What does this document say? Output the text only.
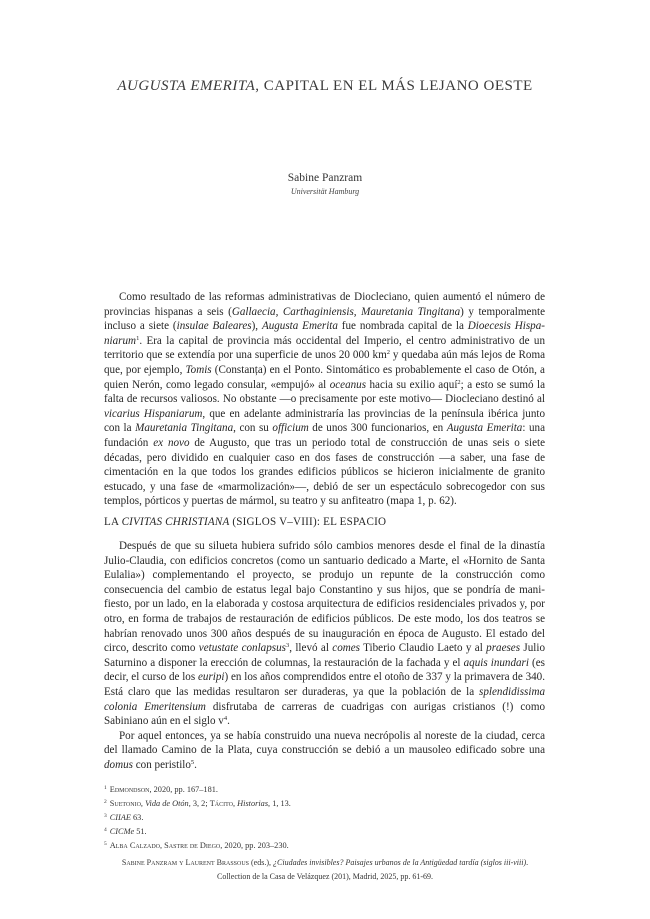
AUGUSTA EMERITA, CAPITAL EN EL MÁS LEJANO OESTE
Sabine Panzram
Universität Hamburg

Como resultado de las reformas administrativas de Diocleciano, quien aumentó el número de provincias hispanas a seis (Gallaecia, Carthaginiensis, Mauretania Tingitana) y temporalmente incluso a siete (insulae Baleares), Augusta Emerita fue nombrada capital de la Dioecesis Hispaniarum$^1$. Era la capital de provincia más occidental del Imperio, el centro administrativo de un territorio que se extendía por una superficie de unos 20 000 $km^2$ y quedaba aún más lejos de Roma que, por ejemplo, Tomis (Constanța) en el Ponto. Sintomático es probablemente el caso de Otón, a quien Nerón, como legado consular, «empujó» al oceanus hacia su exilio aquí$^2$; a esto se sumó la falta de recursos valiosos. No obstante —o precisamente por este motivo— Diocleciano destinó al vicarius Hispaniarum, que en adelante administraría las provincias de la península ibérica junto con la Mauretania Tingitana, con su officium de unos 300 funcionarios, en Augusta Emerita: una fundación ex novo de Augusto, que tras un periodo total de construcción de unas seis o siete décadas, pero dividido en cualquier caso en dos fases de construcción —a saber, una fase de cimentación en la que todos los grandes edificios públicos se hicieron inicialmente de granito estucado, y una fase de «marmolización»—, debió de ser un espectáculo sobrecogedor con sus templos, pórticos y puertas de mármol, su teatro y su anfiteatro (mapa 1, p. 62).

LA CIVITAS CHRISTIANA (SIGLOS V–VIII): EL ESPACIO

Después de que su silueta hubiera sufrido sólo cambios menores desde el final de la dinastía Julio-Claudia, con edificios concretos (como un santuario dedicado a Marte, el «Hornito de Santa Eulalia») complementando el proyecto, se produjo un repunte de la construcción como consecuencia del cambio de estatus legal bajo Constantino y sus hijos, que se pondría de manifiesto, por un lado, en la elaborada y costosa arquitectura de edificios residenciales privados y, por otro, en forma de trabajos de restauración de edificios públicos. De este modo, los dos teatros se habrían renovado unos 300 años después de su inauguración en época de Augusto. El estado del circo, descrito como vetustate conlapsus$^3$, llevó al comes Tiberio Claudio Laeto y al praeses Julio Saturnino a disponer la erección de columnas, la restauración de la fachada y el aquis inundari (es decir, el curso de los euripi) en los años comprendidos entre el otoño de 337 y la primavera de 340. Está claro que las medidas resultaron ser duraderas, ya que la población de la splendidissima colonia Emeritensium disfrutaba de carreras de cuadrigas con aurigas cristianos (!) como Sabiniano aún en el siglo $v^4$.

Por aquel entonces, ya se había construido una nueva necrópolis al noreste de la ciudad, cerca del llamado Camino de la Plata, cuya construcción se debió a un mausoleo edificado sobre una domus con peristilo$^5$.

$^1$ Edmondson, 2020, pp. 167–181.
$^2$ Suetonio, Vida de Otón, 3, 2; Tácito, Historias, 1, 13.
$^3$ CIIAE 63.
$^4$ CICMe 51.
$^5$ Alba Calzado, Sastre de Diego, 2020, pp. 203–230.
Sabine Panzram y Laurent Brassous (eds.), ¿Ciudades invisibles? Paisajes urbanos de la Antigüedad tardía (siglos iii-viii).
Collection de la Casa de Velázquez (201), Madrid, 2025, pp. 61-69.
